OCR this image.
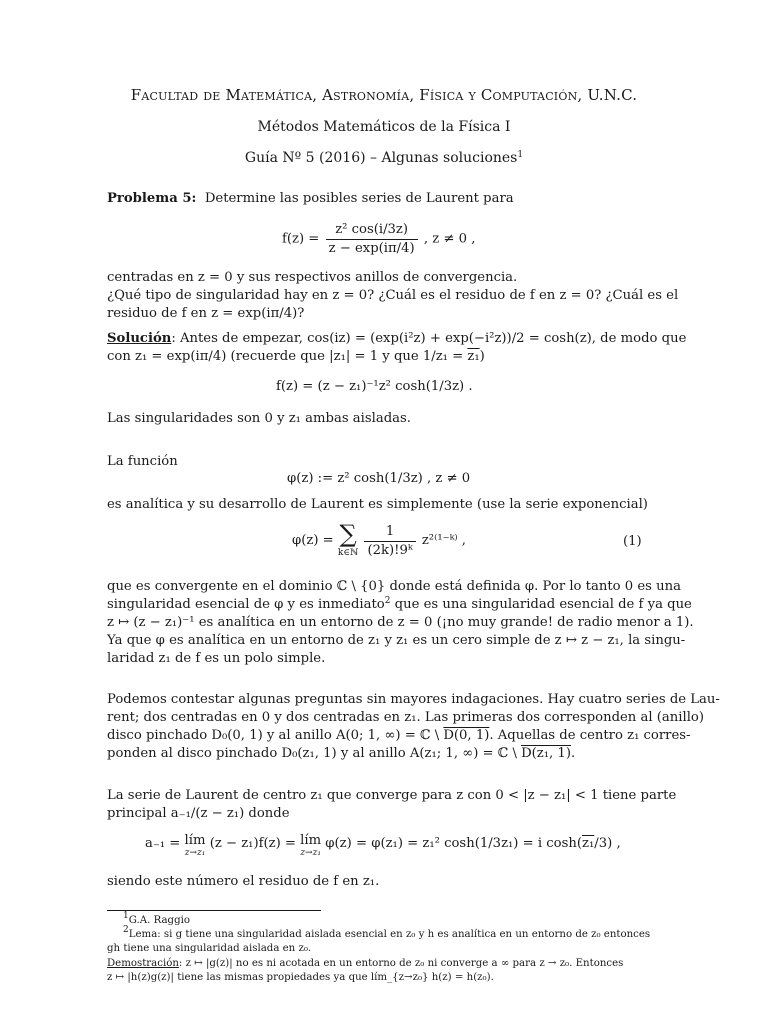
Facultad de Matemática, Astronomía, Física y Computación, U.N.C.
Métodos Matemáticos de la Física I
Guía Nº 5 (2016) – Algunas soluciones$^1$
Problema 5: Determine las posibles series de Laurent para
$f(z) = \frac{\text{z² cos(i/3z)}}{z - \exp(i\pi/4)}$ , z ≠ 0 ,
centradas en z = 0 y sus respectivos anillos de convergencia.
¿Qué tipo de singularidad hay en z = 0? ¿Cuál es el residuo de f en z = 0? ¿Cuál es el
residuo de f en z = exp(iπ/4)?
Solución: Antes de empezar, cos(iz) = (exp(i²z) + exp(−i²z))/2 = cosh(z), de modo que
con z₁ = exp(iπ/4) (recuerde que |z₁| = 1 y que 1/z₁ = z₁)
f(z) = (z − z₁)⁻¹z² cosh(1/3z) .
Las singularidades son 0 y z₁ ambas aisladas.
La función
φ(z) := z² cosh(1/3z) , z ≠ 0
es analítica y su desarrollo de Laurent es simplemente (use la serie exponencial)
φ(z) = ∑
k∈ℕ
$\frac{1}{\text{(2k)!9ᵏ}}$ z²⁽¹⁻ᵏ⁾ ,	(1)
que es convergente en el dominio ℂ \ {0} donde está definida φ. Por lo tanto 0 es una
singularidad esencial de φ y es inmediato$^2$ que es una singularidad esencial de f ya que
z ↦ (z − z₁)⁻¹ es analítica en un entorno de z = 0 (¡no muy grande! de radio menor a 1).
Ya que φ es analítica en un entorno de z₁ y z₁ es un cero simple de z ↦ z − z₁, la singu-
laridad z₁ de f es un polo simple.
Podemos contestar algunas preguntas sin mayores indagaciones. Hay cuatro series de Lau-
rent; dos centradas en 0 y dos centradas en z₁. Las primeras dos corresponden al (anillo)
disco pinchado D₀(0, 1) y al anillo A(0; 1, ∞) = ℂ \ D(0, 1). Aquellas de centro z₁ corres-
ponden al disco pinchado D₀(z₁, 1) y al anillo A(z₁; 1, ∞) = ℂ \ D(z₁, 1).
La serie de Laurent de centro z₁ que converge para z con 0 < |z − z₁| < 1 tiene parte
principal a₋₁/(z − z₁) donde
a₋₁ = lím
z→z₁
(z − z₁)f(z) = lím
z→z₁
φ(z) = φ(z₁) = z₁² cosh(1/3z₁) = i cosh(z₁/3) ,
siendo este número el residuo de f en z₁.
$^1$G.A. Raggio
$^2$Lema: si g tiene una singularidad aislada esencial en z₀ y h es analítica en un entorno de z₀ entonces
gh tiene una singularidad aislada en z₀.
Demostración: z ↦ |g(z)| no es ni acotada en un entorno de z₀ ni converge a ∞ para z → z₀. Entonces
z ↦ |h(z)g(z)| tiene las mismas propiedades ya que lím_{z→z₀} h(z) = h(z₀).
